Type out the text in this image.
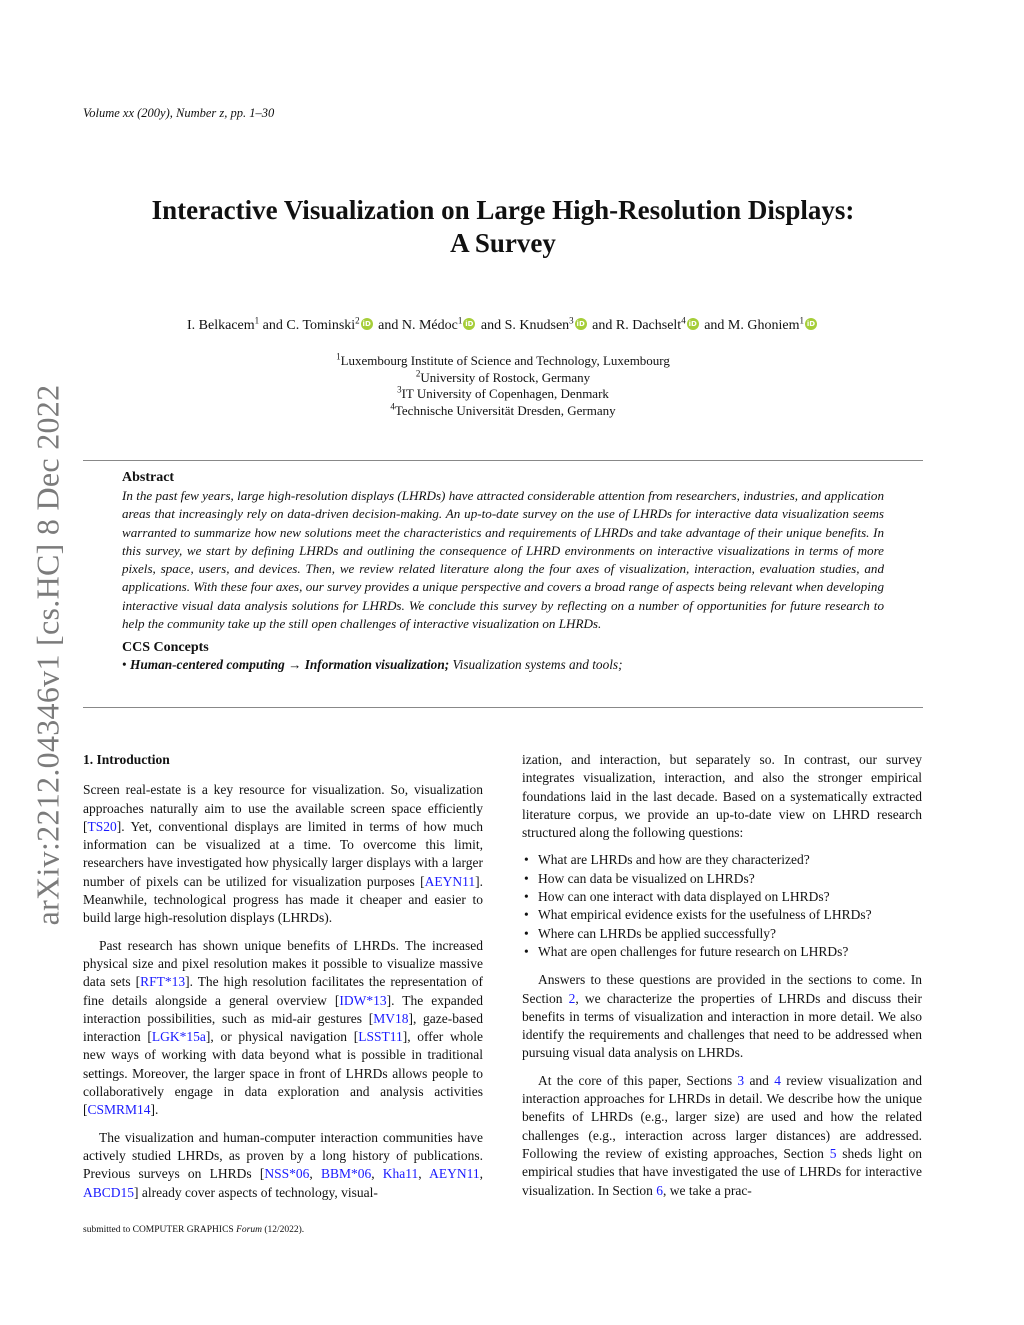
Volume xx (200y), Number z, pp. 1–30
arXiv:2212.04346v1 [cs.HC] 8 Dec 2022
Interactive Visualization on Large High-Resolution Displays:
A Survey
I. Belkacem$^1$ and C. Tominski$^2$ iD and N. Médoc$^1$ iD and S. Knudsen$^3$ iD and R. Dachselt$^4$ iD and M. Ghoniem$^1$ iD
$^1$Luxembourg Institute of Science and Technology, Luxembourg
$^2$University of Rostock, Germany
$^3$IT University of Copenhagen, Denmark
$^4$Technische Universität Dresden, Germany
Abstract
In the past few years, large high-resolution displays (LHRDs) have attracted considerable attention from researchers, industries, and application areas that increasingly rely on data-driven decision-making. An up-to-date survey on the use of LHRDs for interactive data visualization seems warranted to summarize how new solutions meet the characteristics and requirements of LHRDs and take advantage of their unique benefits. In this survey, we start by defining LHRDs and outlining the consequence of LHRD environments on interactive visualizations in terms of more pixels, space, users, and devices. Then, we review related literature along the four axes of visualization, interaction, evaluation studies, and applications. With these four axes, our survey provides a unique perspective and covers a broad range of aspects being relevant when developing interactive visual data analysis solutions for LHRDs. We conclude this survey by reflecting on a number of opportunities for future research to help the community take up the still open challenges of interactive visualization on LHRDs.
CCS Concepts
• Human-centered computing → Information visualization; Visualization systems and tools;
1. Introduction

Screen real-estate is a key resource for visualization. So, visualization approaches naturally aim to use the available screen space efficiently [TS20]. Yet, conventional displays are limited in terms of how much information can be visualized at a time. To overcome this limit, researchers have investigated how physically larger displays with a larger number of pixels can be utilized for visualization purposes [AEYN11]. Meanwhile, technological progress has made it cheaper and easier to build large high-resolution displays (LHRDs).

Past research has shown unique benefits of LHRDs. The increased physical size and pixel resolution makes it possible to visualize massive data sets [RFT*13]. The high resolution facilitates the representation of fine details alongside a general overview [IDW*13]. The expanded interaction possibilities, such as mid-air gestures [MV18], gaze-based interaction [LGK*15a], or physical navigation [LSST11], offer whole new ways of working with data beyond what is possible in traditional settings. Moreover, the larger space in front of LHRDs allows people to collaboratively engage in data exploration and analysis activities [CSMRM14].

The visualization and human-computer interaction communities have actively studied LHRDs, as proven by a long history of publications. Previous surveys on LHRDs [NSS*06, BBM*06, Kha11, AEYN11, ABCD15] already cover aspects of technology, visual-

ization, and interaction, but separately so. In contrast, our survey integrates visualization, interaction, and also the stronger empirical foundations laid in the last decade. Based on a systematically extracted literature corpus, we provide an up-to-date view on LHRD research structured along the following questions:

• What are LHRDs and how are they characterized?
• How can data be visualized on LHRDs?
• How can one interact with data displayed on LHRDs?
• What empirical evidence exists for the usefulness of LHRDs?
• Where can LHRDs be applied successfully?
• What are open challenges for future research on LHRDs?

Answers to these questions are provided in the sections to come. In Section 2, we characterize the properties of LHRDs and discuss their benefits in terms of visualization and interaction in more detail. We also identify the requirements and challenges that need to be addressed when pursuing visual data analysis on LHRDs.

At the core of this paper, Sections 3 and 4 review visualization and interaction approaches for LHRDs in detail. We describe how the unique benefits of LHRDs (e.g., larger size) are used and how the related challenges (e.g., interaction across larger distances) are addressed. Following the review of existing approaches, Section 5 sheds light on empirical studies that have investigated the use of LHRDs for interactive visualization. In Section 6, we take a prac-

submitted to COMPUTER GRAPHICS Forum (12/2022).
